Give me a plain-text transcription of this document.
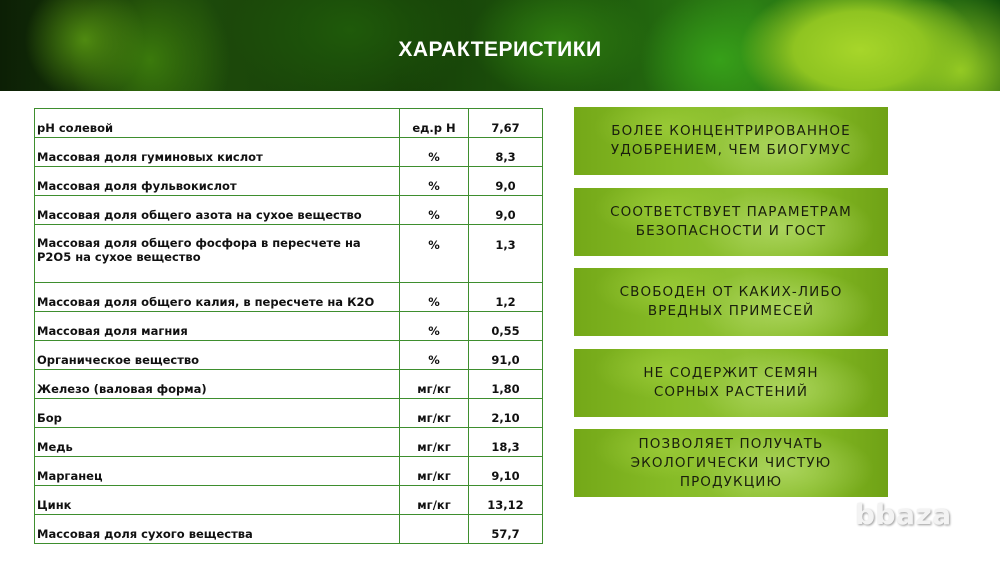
ХАРАКТЕРИСТИКИ
pH солевой	ед.р Н	7,67
Массовая доля гуминовых кислот	%	8,3
Массовая доля фульвокислот	%	9,0
Массовая доля общего азота на сухое вещество	%	9,0
Массовая доля общего фосфора в пересчете на P2O5 на сухое вещество	%	1,3
Массовая доля общего калия, в пересчете на К2О	%	1,2
Массовая доля магния	%	0,55
Органическое вещество	%	91,0
Железо (валовая форма)	мг/кг	1,80
Бор	мг/кг	2,10
Медь	мг/кг	18,3
Марганец	мг/кг	9,10
Цинк	мг/кг	13,12
Массовая доля сухого вещества		57,7
БОЛЕЕ КОНЦЕНТРИРОВАННОЕ
УДОБРЕНИЕМ, ЧЕМ БИОГУМУС
СООТВЕТСТВУЕТ ПАРАМЕТРАМ
БЕЗОПАСНОСТИ И ГОСТ
СВОБОДЕН ОТ КАКИХ-ЛИБО
ВРЕДНЫХ ПРИМЕСЕЙ
НЕ СОДЕРЖИТ СЕМЯН
СОРНЫХ РАСТЕНИЙ
ПОЗВОЛЯЕТ ПОЛУЧАТЬ
ЭКОЛОГИЧЕСКИ ЧИСТУЮ
ПРОДУКЦИЮ
bbaza
